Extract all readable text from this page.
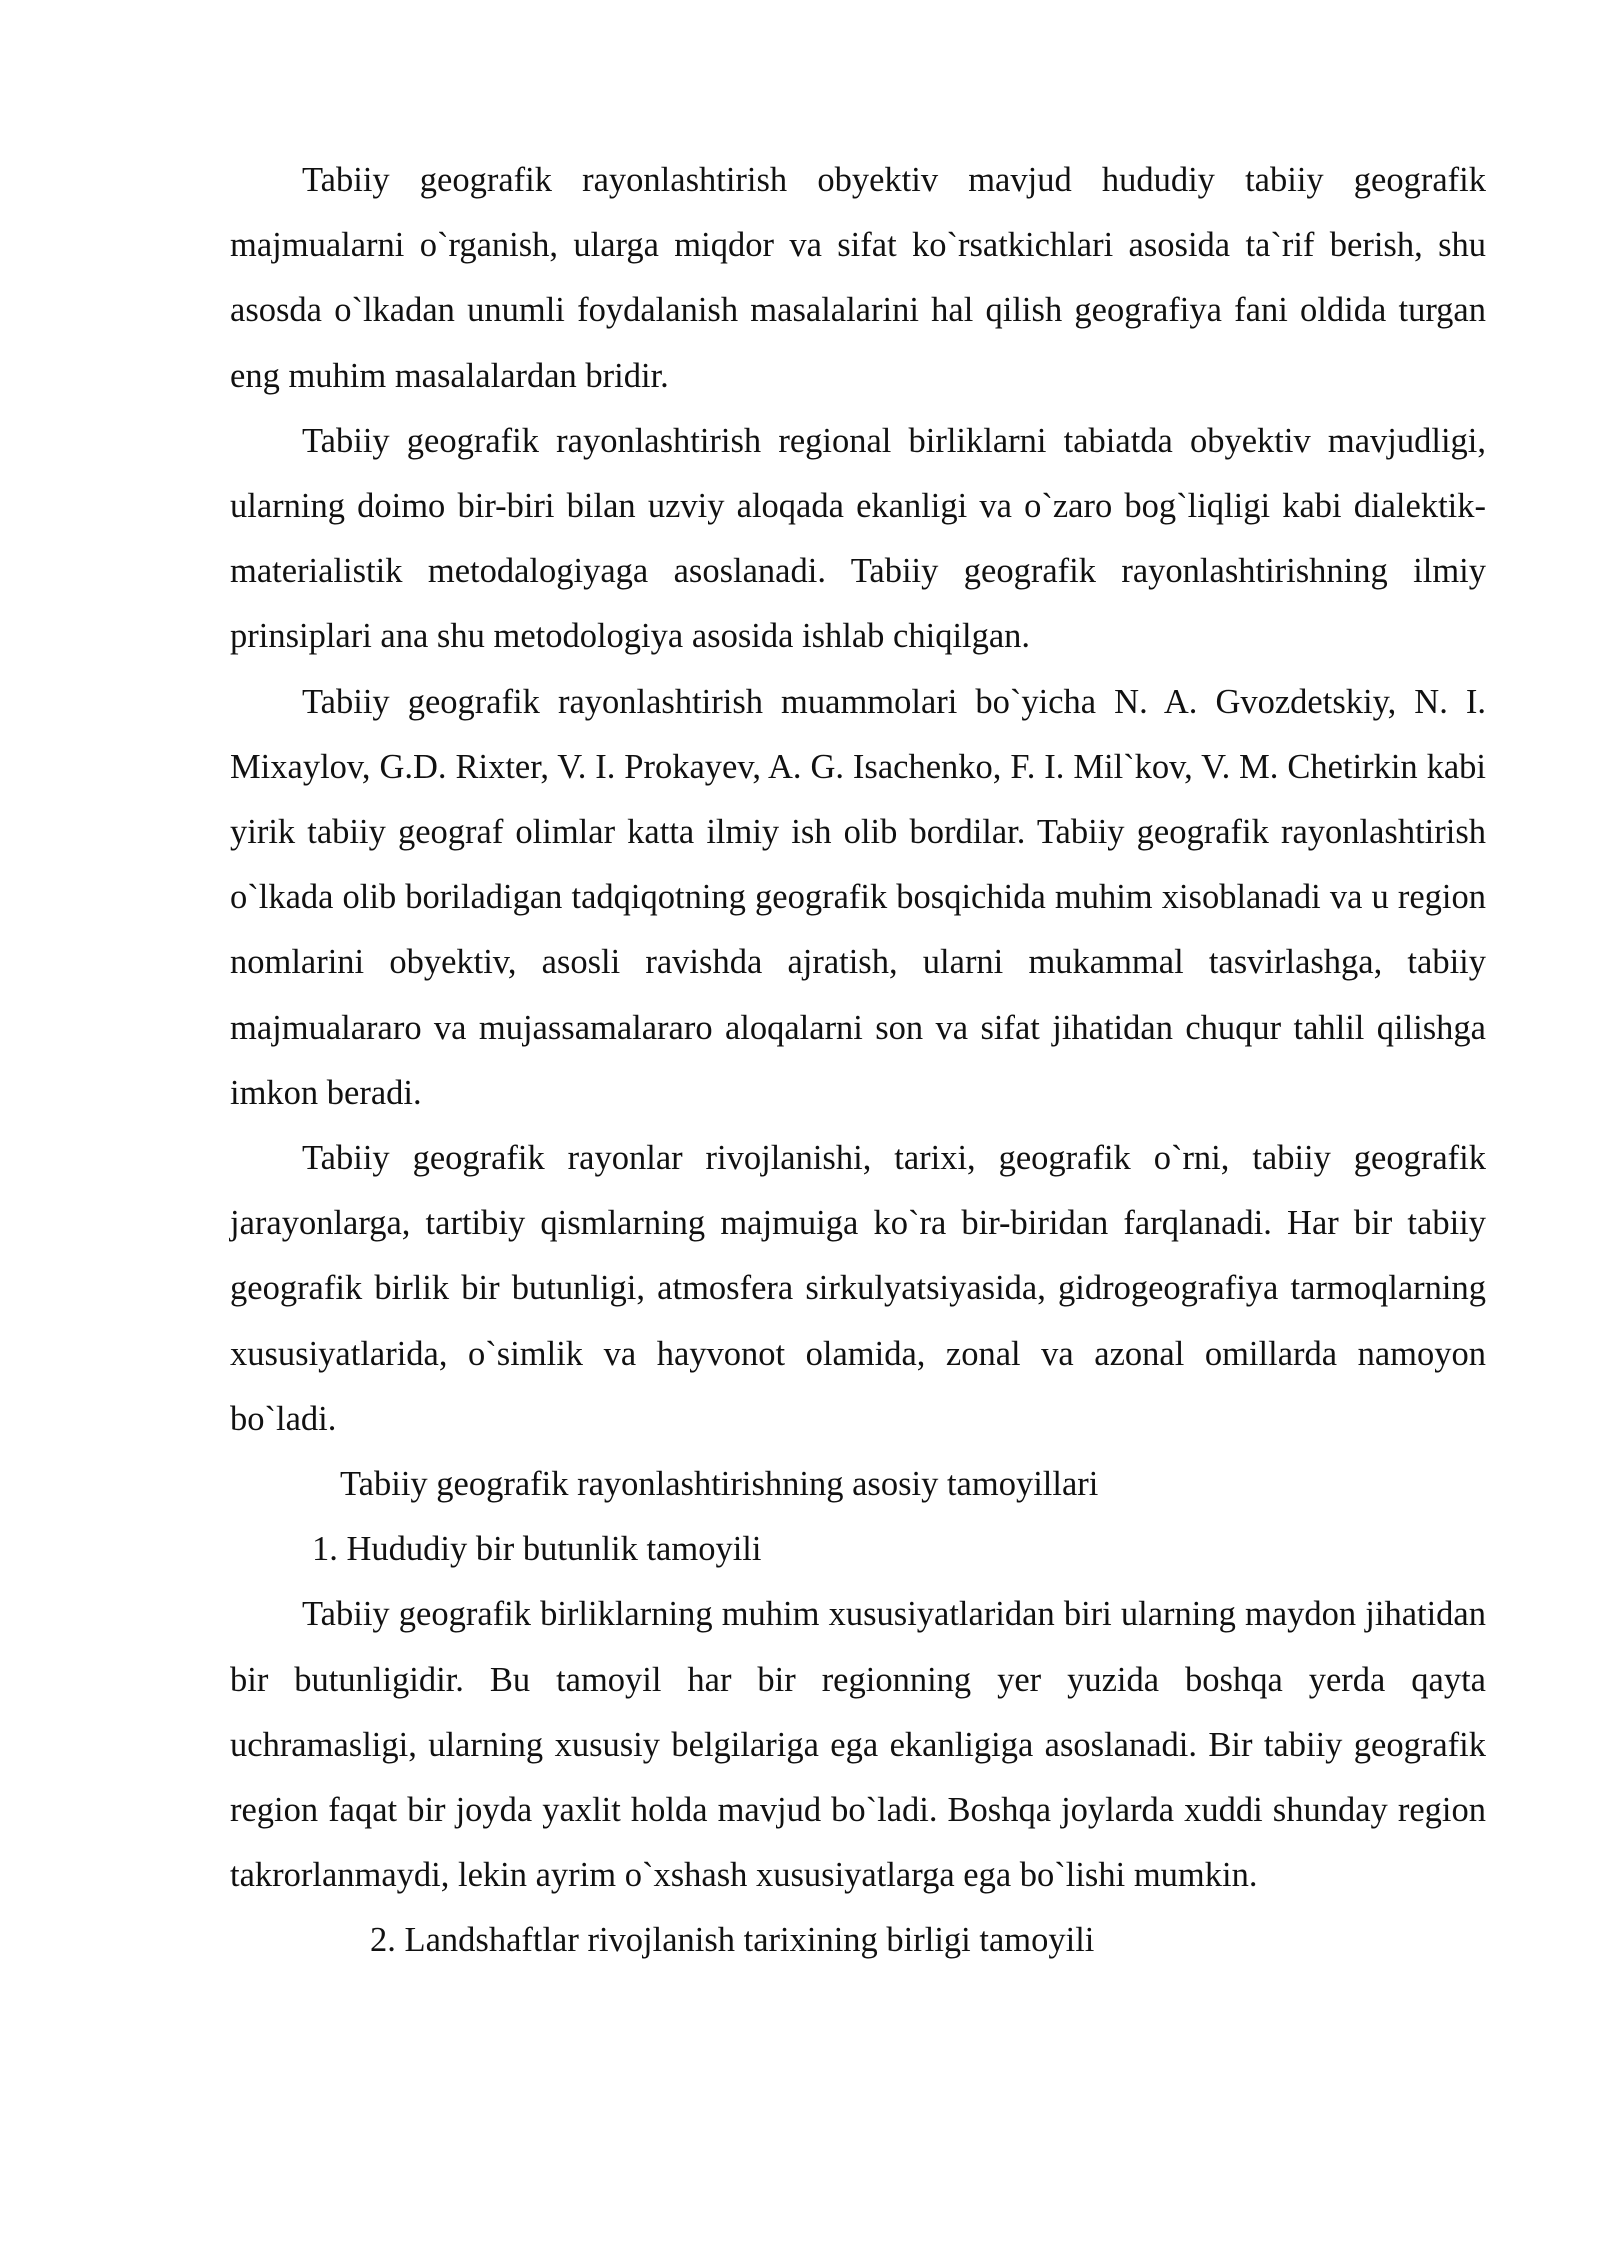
Tabiiy geografik rayonlashtirish obyektiv mavjud hududiy tabiiy geografik majmualarni o`rganish, ularga miqdor va sifat ko`rsatkichlari asosida ta`rif berish, shu asosda o`lkadan unumli foydalanish masalalarini hal qilish geografiya fani oldida turgan eng muhim masalalardan bridir.

Tabiiy geografik rayonlashtirish regional birliklarni tabiatda obyektiv mavjudligi, ularning doimo bir-biri bilan uzviy aloqada ekanligi va o`zaro bog`liqligi kabi dialektik-materialistik metodalogiyaga asoslanadi. Tabiiy geografik rayonlashtirishning ilmiy prinsiplari ana shu metodologiya asosida ishlab chiqilgan.

Tabiiy geografik rayonlashtirish muammolari bo`yicha N. A. Gvozdetskiy, N. I. Mixaylov, G.D. Rixter, V. I. Prokayev, A. G. Isachenko, F. I. Mil`kov, V. M. Chetirkin kabi yirik tabiiy geograf olimlar katta ilmiy ish olib bordilar. Tabiiy geografik rayonlashtirish o`lkada olib boriladigan tadqiqotning geografik bosqichida muhim xisoblanadi va u region nomlarini obyektiv, asosli ravishda ajratish, ularni mukammal tasvirlashga, tabiiy majmualararo va mujassamalararo aloqalarni son va sifat jihatidan chuqur tahlil qilishga imkon beradi.

Tabiiy geografik rayonlar rivojlanishi, tarixi, geografik o`rni, tabiiy geografik jarayonlarga, tartibiy qismlarning majmuiga ko`ra bir-biridan farqlanadi. Har bir tabiiy geografik birlik bir butunligi, atmosfera sirkulyatsiyasida, gidrogeografiya tarmoqlarning xususiyatlarida, o`simlik va hayvonot olamida, zonal va azonal omillarda namoyon bo`ladi.

Tabiiy geografik rayonlashtirishning asosiy tamoyillari

1. Hududiy bir butunlik tamoyili

Tabiiy geografik birliklarning muhim xususiyatlaridan biri ularning maydon jihatidan bir butunligidir. Bu tamoyil har bir regionning yer yuzida boshqa yerda qayta uchramasligi, ularning xususiy belgilariga ega ekanligiga asoslanadi. Bir tabiiy geografik region faqat bir joyda yaxlit holda mavjud bo`ladi. Boshqa joylarda xuddi shunday region takrorlanmaydi, lekin ayrim o`xshash xususiyatlarga ega bo`lishi mumkin.

2. Landshaftlar rivojlanish tarixining birligi tamoyili
